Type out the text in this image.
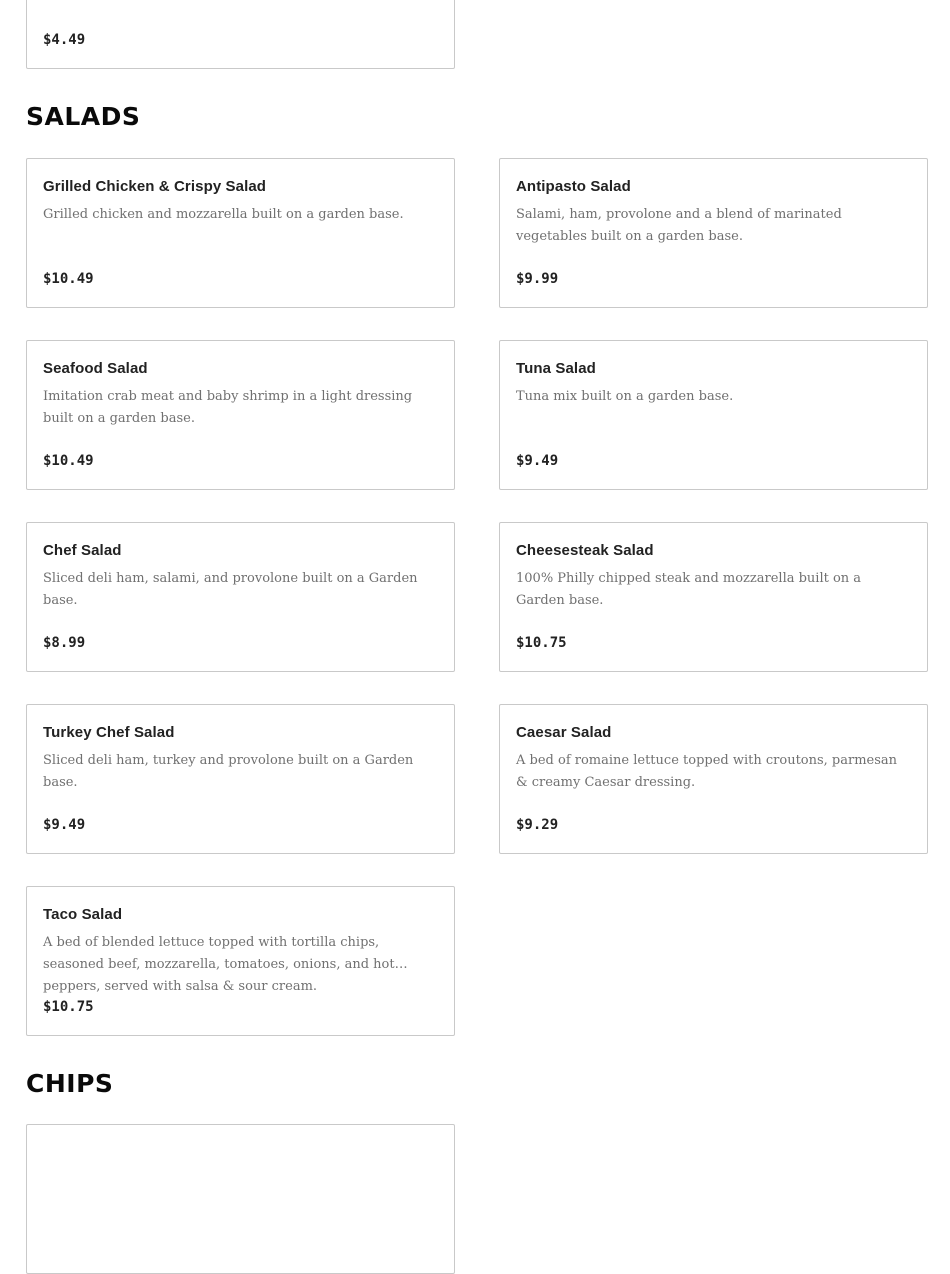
$4.49
SALADS
Grilled Chicken & Crispy Salad
Grilled chicken and mozzarella built on a garden base.
$10.49
Antipasto Salad
Salami, ham, provolone and a blend of marinated vegetables built on a garden base.
$9.99
Seafood Salad
Imitation crab meat and baby shrimp in a light dressing built on a garden base.
$10.49
Tuna Salad
Tuna mix built on a garden base.
$9.49
Chef Salad
Sliced deli ham, salami, and provolone built on a Garden base.
$8.99
Cheesesteak Salad
100% Philly chipped steak and mozzarella built on a Garden base.
$10.75
Turkey Chef Salad
Sliced deli ham, turkey and provolone built on a Garden base.
$9.49
Caesar Salad
A bed of romaine lettuce topped with croutons, parmesan & creamy Caesar dressing.
$9.29
Taco Salad
A bed of blended lettuce topped with tortilla chips, seasoned beef, mozzarella, tomatoes, onions, and hot peppers, served with salsa & sour cream.
$10.75
CHIPS
